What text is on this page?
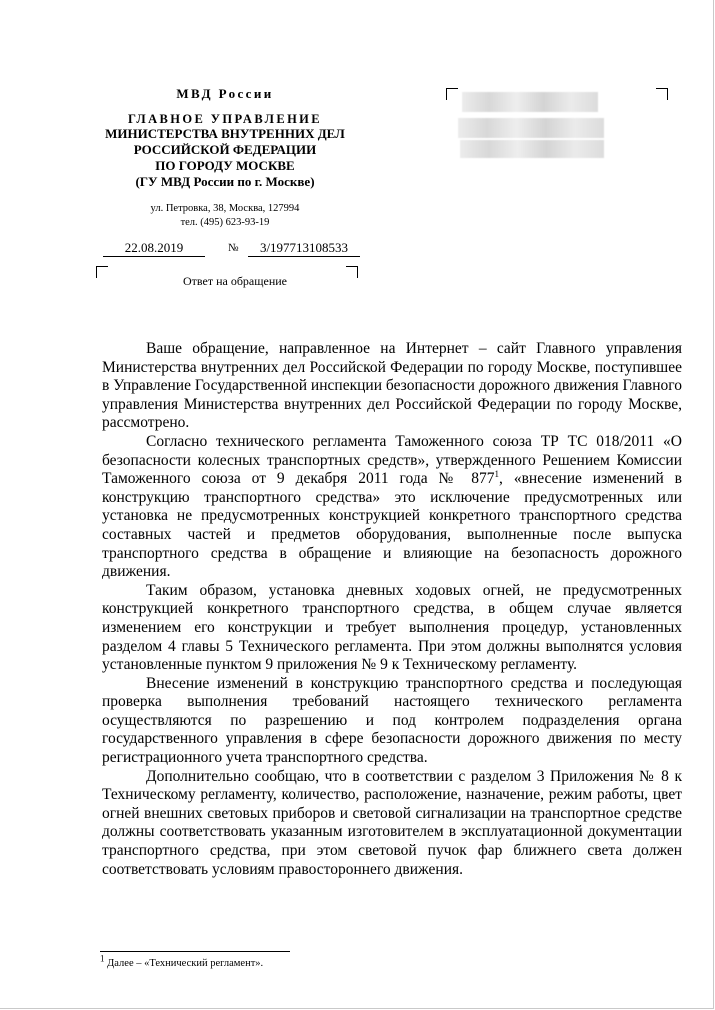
МВД России
ГЛАВНОЕ УПРАВЛЕНИЕ
МИНИСТЕРСТВА ВНУТРЕННИХ ДЕЛ
РОССИЙСКОЙ ФЕДЕРАЦИИ
ПО ГОРОДУ МОСКВЕ
(ГУ МВД России по г. Москве)
ул. Петровка, 38, Москва, 127994
тел. (495) 623-93-19
22.08.2019	№	3/197713108533
Ответ на обращение

Ваше обращение, направленное на Интернет – сайт Главного управления Министерства внутренних дел Российской Федерации по городу Москве, поступившее в Управление Государственной инспекции безопасности дорожного движения Главного управления Министерства внутренних дел Российской Федерации по городу Москве, рассмотрено.

Согласно технического регламента Таможенного союза ТР ТС 018/2011 «О безопасности колесных транспортных средств», утвержденного Решением Комиссии Таможенного союза от 9 декабря 2011 года № $877^1$, «внесение изменений в конструкцию транспортного средства» это исключение предусмотренных или установка не предусмотренных конструкцией конкретного транспортного средства составных частей и предметов оборудования, выполненные после выпуска транспортного средства в обращение и влияющие на безопасность дорожного движения.

Таким образом, установка дневных ходовых огней, не предусмотренных конструкцией конкретного транспортного средства, в общем случае является изменением его конструкции и требует выполнения процедур, установленных разделом 4 главы 5 Технического регламента. При этом должны выполнятся условия установленные пунктом 9 приложения № 9 к Техническому регламенту.

Внесение изменений в конструкцию транспортного средства и последующая проверка выполнения требований настоящего технического регламента осуществляются по разрешению и под контролем подразделения органа государственного управления в сфере безопасности дорожного движения по месту регистрационного учета транспортного средства.

Дополнительно сообщаю, что в соответствии с разделом 3 Приложения № 8 к Техническому регламенту, количество, расположение, назначение, режим работы, цвет огней внешних световых приборов и световой сигнализации на транспортное средстве должны соответствовать указанным изготовителем в эксплуатационной документации транспортного средства, при этом световой пучок фар ближнего света должен соответствовать условиям правостороннего движения.

$^1$ Далее – «Технический регламент».
